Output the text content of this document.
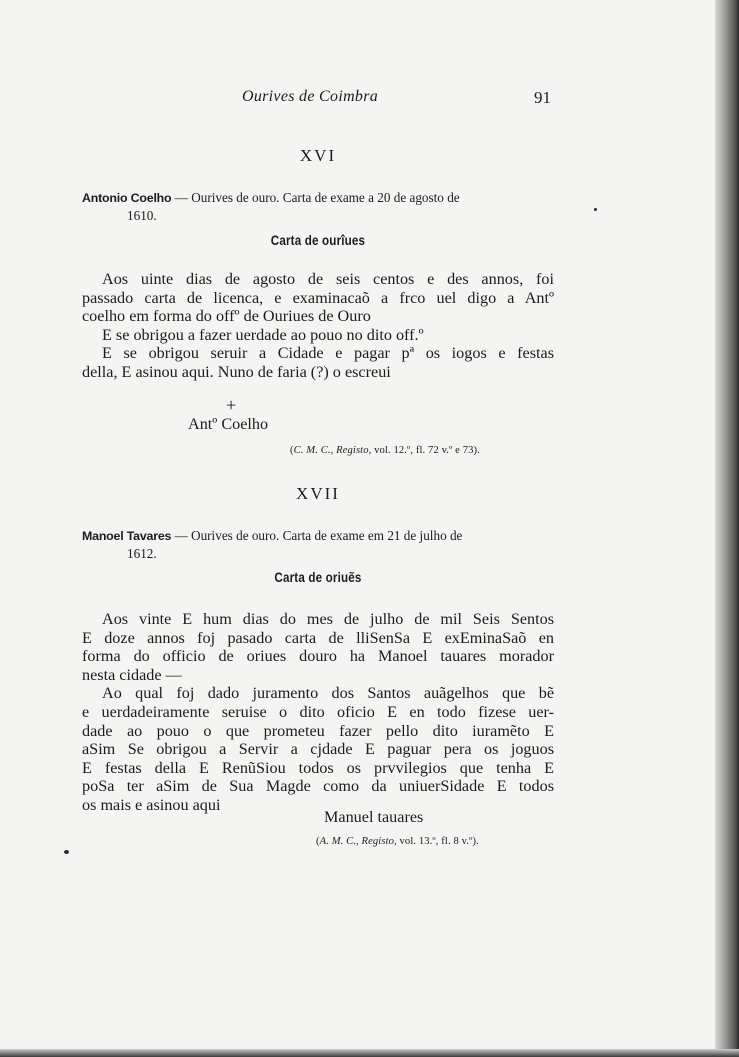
Ourives de Coimbra	91
XVI
Antonio Coelho — Ourives de ouro. Carta de exame a 20 de agosto de
1610.
Carta de ourîues
Aos uinte dias de agosto de seis centos e des annos, foi
passado carta de licenca, e examinacaõ a frco uel digo a Antº
coelho em forma do offº de Ouriues de Ouro
E se obrigou a fazer uerdade ao pouo no dito off.º
E se obrigou seruir a Cidade e pagar pª os iogos e festas
della, E asinou aqui. Nuno de faria (?) o escreui
+
Antº Coelho
(C. M. C., Registo, vol. 12.º, fl. 72 v.º e 73).
XVII
Manoel Tavares — Ourives de ouro. Carta de exame em 21 de julho de
1612.
Carta de oriuẽs
Aos vinte E hum dias do mes de julho de mil Seis Sentos
E doze annos foj pasado carta de lliSenSa E exEminaSaõ en
forma do officio de oriues douro ha Manoel tauares morador
nesta cidade —
Ao qual foj dado juramento dos Santos auãgelhos que bẽ
e uerdadeiramente seruise o dito oficio E en todo fizese uer-
dade ao pouo o que prometeu fazer pello dito iuramẽto E
aSim Se obrigou a Servir a cjdade E paguar pera os joguos
E festas della E RenũSiou todos os prvvilegios que tenha E
poSa ter aSim de Sua Magde como da uniuerSidade E todos
os mais e asinou aqui
Manuel tauares
(A. M. C., Registo, vol. 13.º, fl. 8 v.º).
